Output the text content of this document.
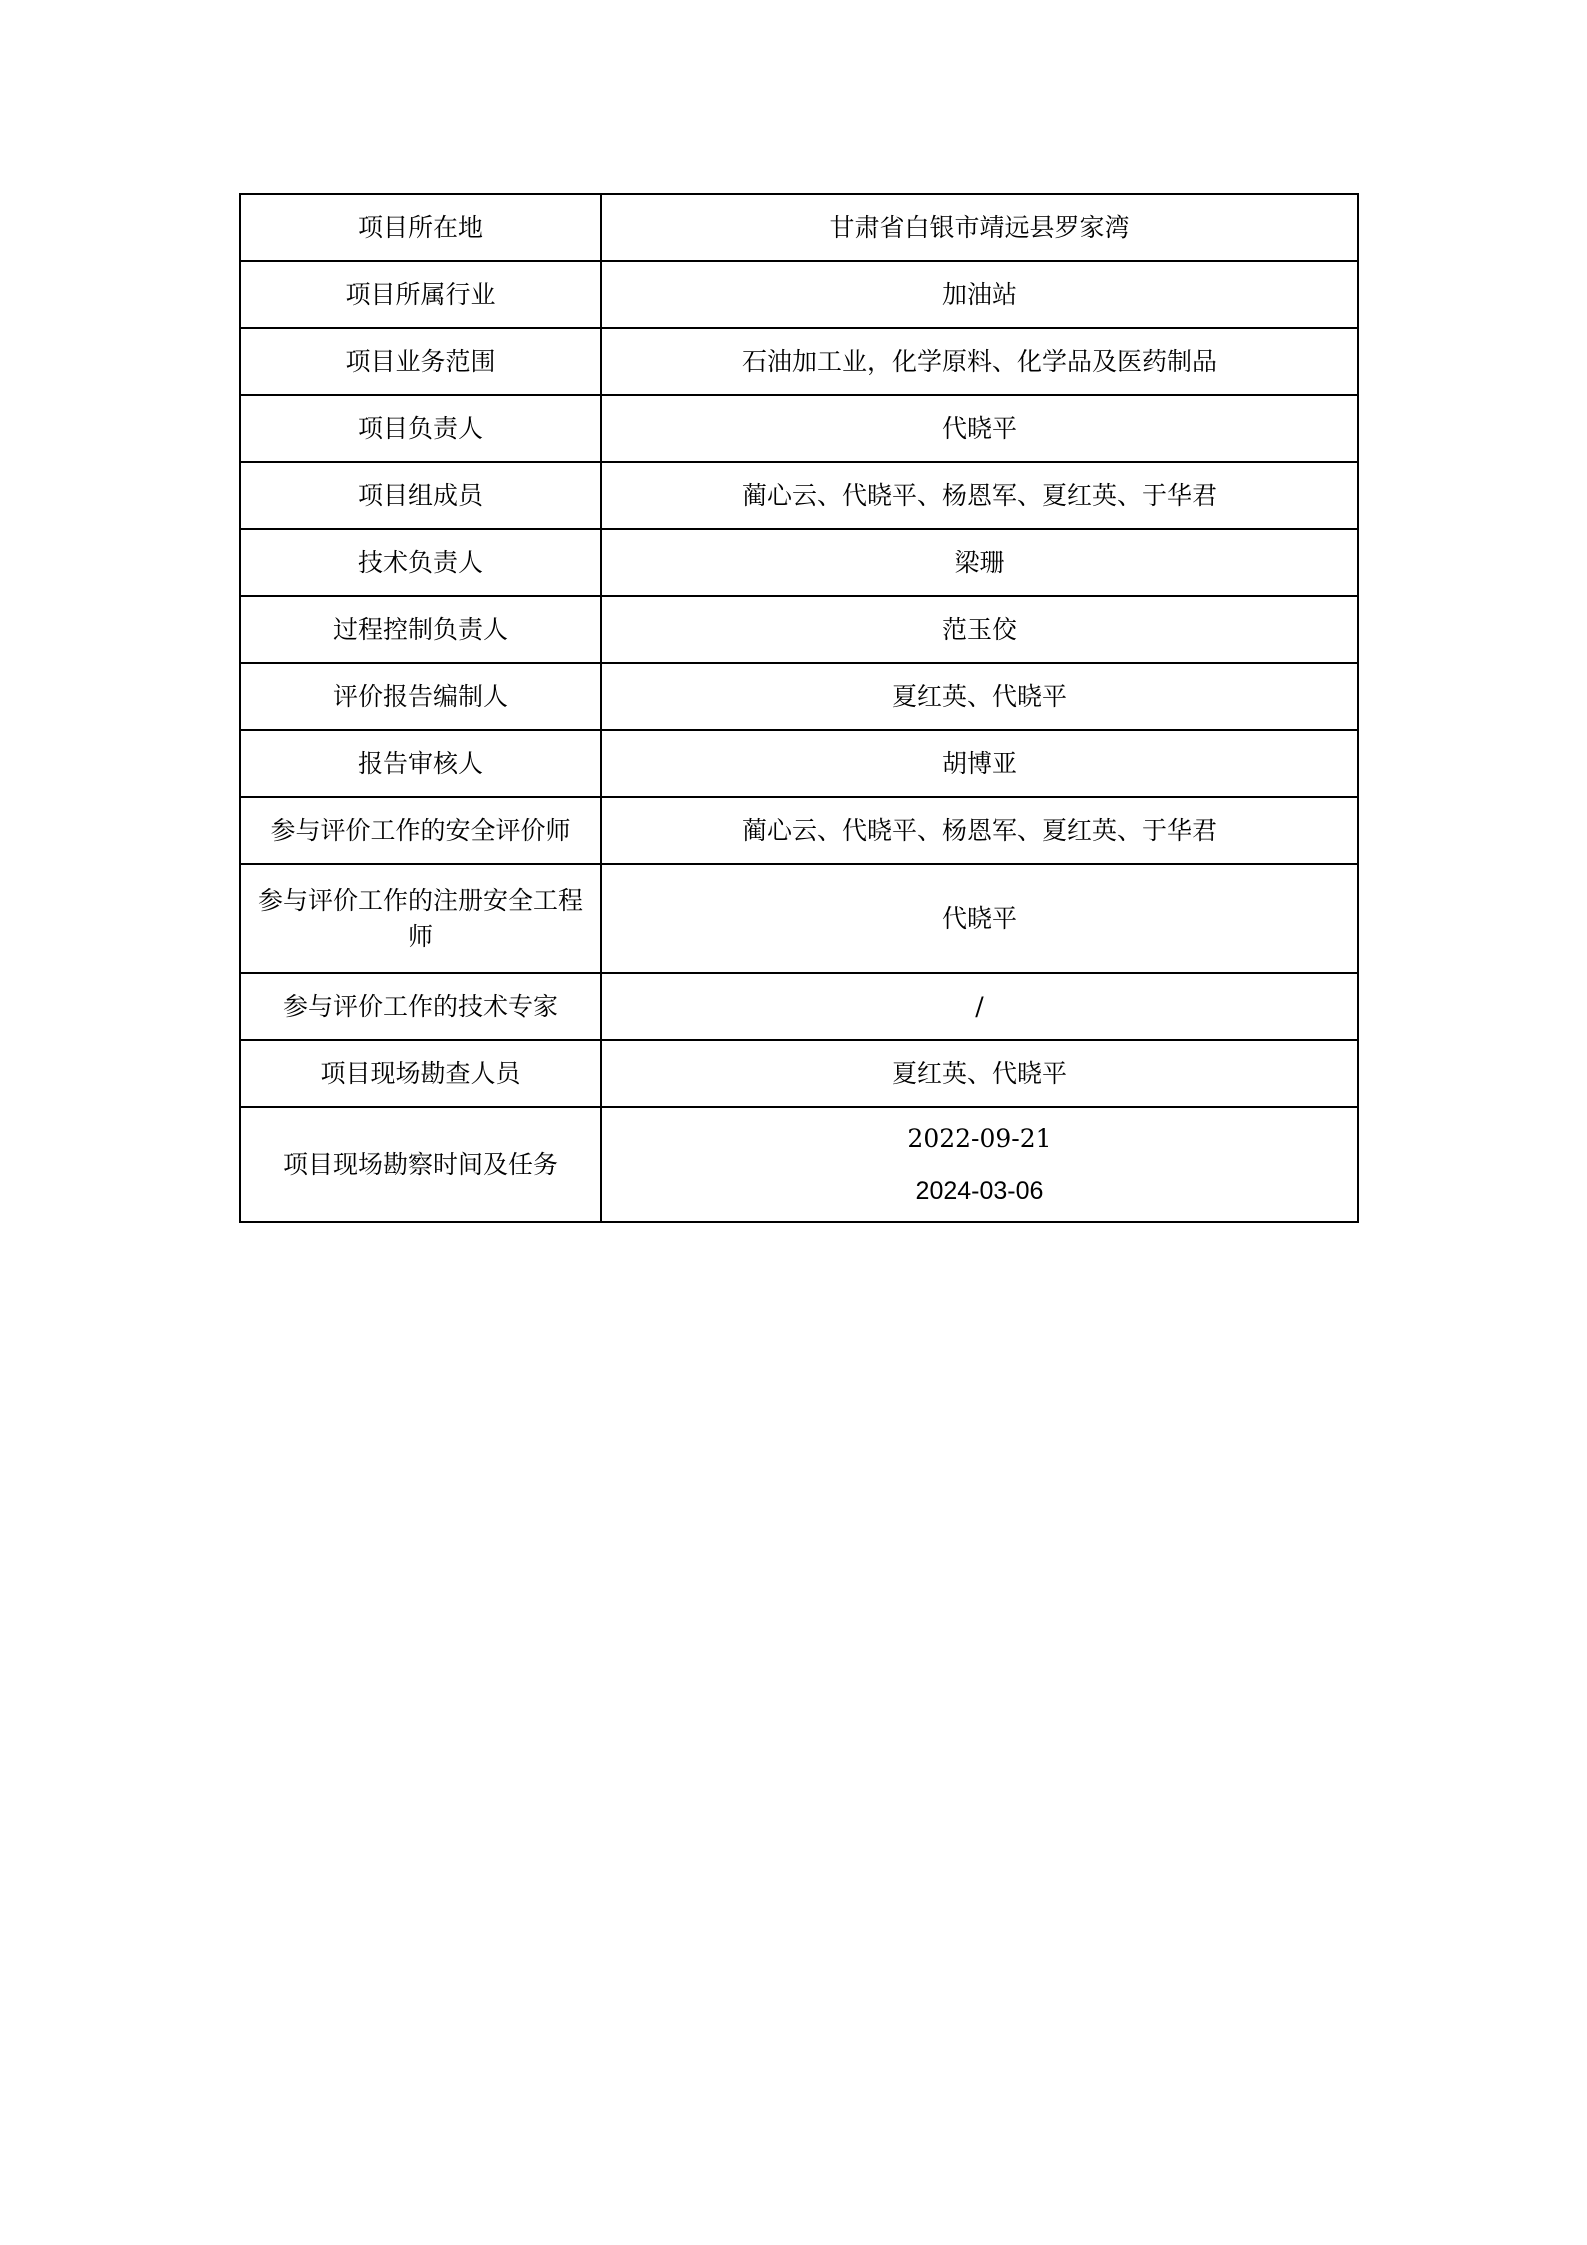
项目所在地	甘肃省白银市靖远县罗家湾
项目所属行业	加油站
项目业务范围	石油加工业，化学原料、化学品及医药制品
项目负责人	代晓平
项目组成员	蔺心云、代晓平、杨恩军、夏红英、于华君
技术负责人	梁珊
过程控制负责人	范玉佼
评价报告编制人	夏红英、代晓平
报告审核人	胡博亚
参与评价工作的安全评价师	蔺心云、代晓平、杨恩军、夏红英、于华君
参与评价工作的注册安全工程师	代晓平
参与评价工作的技术专家	/
项目现场勘查人员	夏红英、代晓平
项目现场勘察时间及任务	2022-09-21
2024-03-06
